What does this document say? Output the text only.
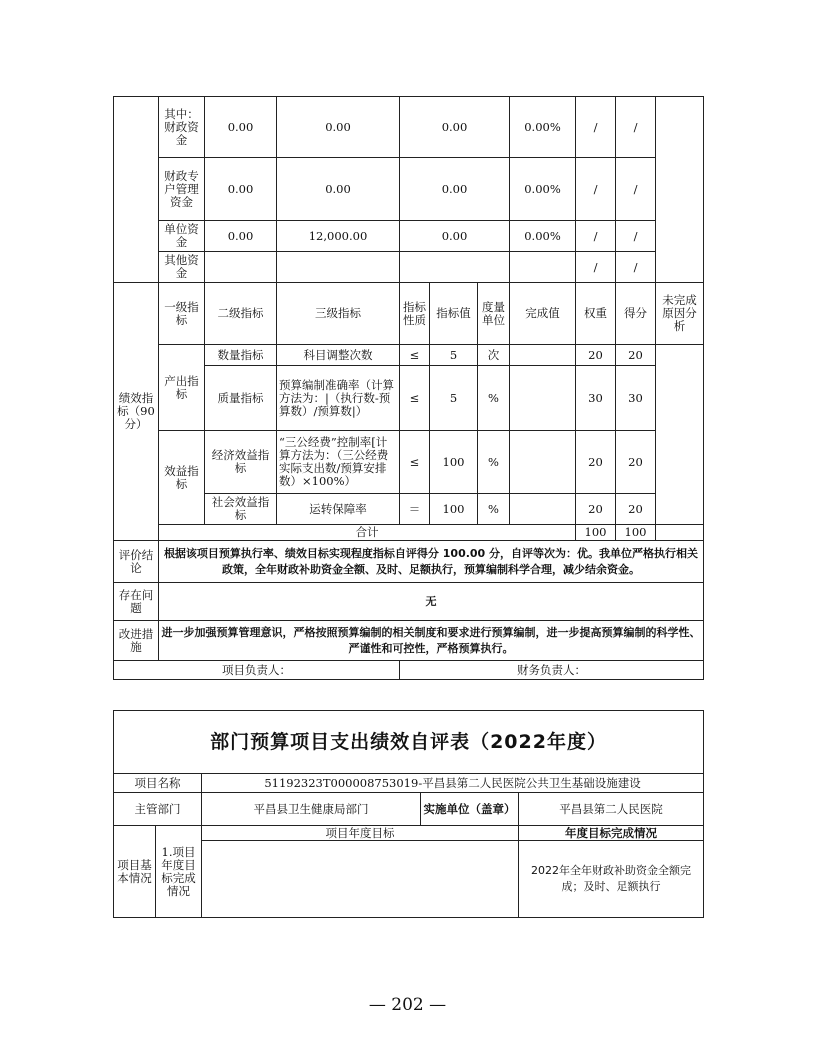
	其中：财政资金	0.00	0.00	0.00			0.00%	/	/	
	财政专户管理资金	0.00	0.00	0.00			0.00%	/	/	
	单位资金	0.00	12,000.00	0.00			0.00%	/	/	
	其他资金							/	/	
绩效指标（90分）	一级指标	二级指标	三级指标	指标性质	指标值	度量单位	完成值	权重	得分	未完成原因分析
	产出指标	数量指标	科目调整次数	≤	5	次		20	20	
		质量指标	预算编制准确率（计算方法为：|（执行数-预算数）/预算数|）	≤	5	%		30	30	
	效益指标	经济效益指标	“三公经费”控制率[计算方法为：（三公经费实际支出数/预算安排数）×100%）	≤	100	%		20	20	
		社会效益指标	运转保障率	＝	100	%		20	20	
	合计							100	100	
评价结论	根据该项目预算执行率、绩效目标实现程度指标自评得分 100.00 分，自评等次为：优。我单位严格执行相关政策，全年财政补助资金全额、及时、足额执行，预算编制科学合理，减少结余资金。									
存在问题	无									
改进措施	进一步加强预算管理意识，严格按照预算编制的相关制度和要求进行预算编制，进一步提高预算编制的科学性、严谨性和可控性，严格预算执行。									
项目负责人：				财务负责人：						
部门预算项目支出绩效自评表（2022年度）				
项目名称		51192323T000008753019-平昌县第二人民医院公共卫生基础设施建设		
主管部门		平昌县卫生健康局部门	实施单位（盖章）	平昌县第二人民医院
项目基本情况	1.项目年度目标完成情况	项目年度目标		年度目标完成情况
				2022年全年财政补助资金全额完成；及时、足额执行
— 202 —
